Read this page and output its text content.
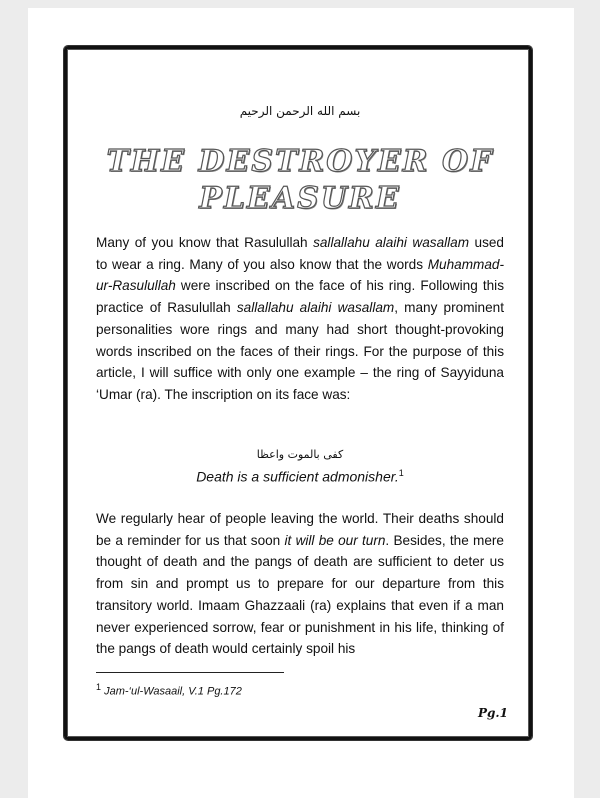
بسم الله الرحمن الرحيم
THE DESTROYER OF PLEASURE

Many of you know that Rasulullah sallallahu alaihi wasallam used to wear a ring. Many of you also know that the words Muhammad-ur-Rasulullah were inscribed on the face of his ring. Following this practice of Rasulullah sallallahu alaihi wasallam, many prominent personalities wore rings and many had short thought-provoking words inscribed on the faces of their rings. For the purpose of this article, I will suffice with only one example – the ring of Sayyiduna ‘Umar (ra). The inscription on its face was:

كفى بالموت واعظا
Death is a sufficient admonisher.$^1$

We regularly hear of people leaving the world. Their deaths should be a reminder for us that soon it will be our turn. Besides, the mere thought of death and the pangs of death are sufficient to deter us from sin and prompt us to prepare for our departure from this transitory world. Imaam Ghazzaali (ra) explains that even if a man never experienced sorrow, fear or punishment in his life, thinking of the pangs of death would certainly spoil his

$^1$ Jam-‘ul-Wasaail, V.1 Pg.172
Pg.1
